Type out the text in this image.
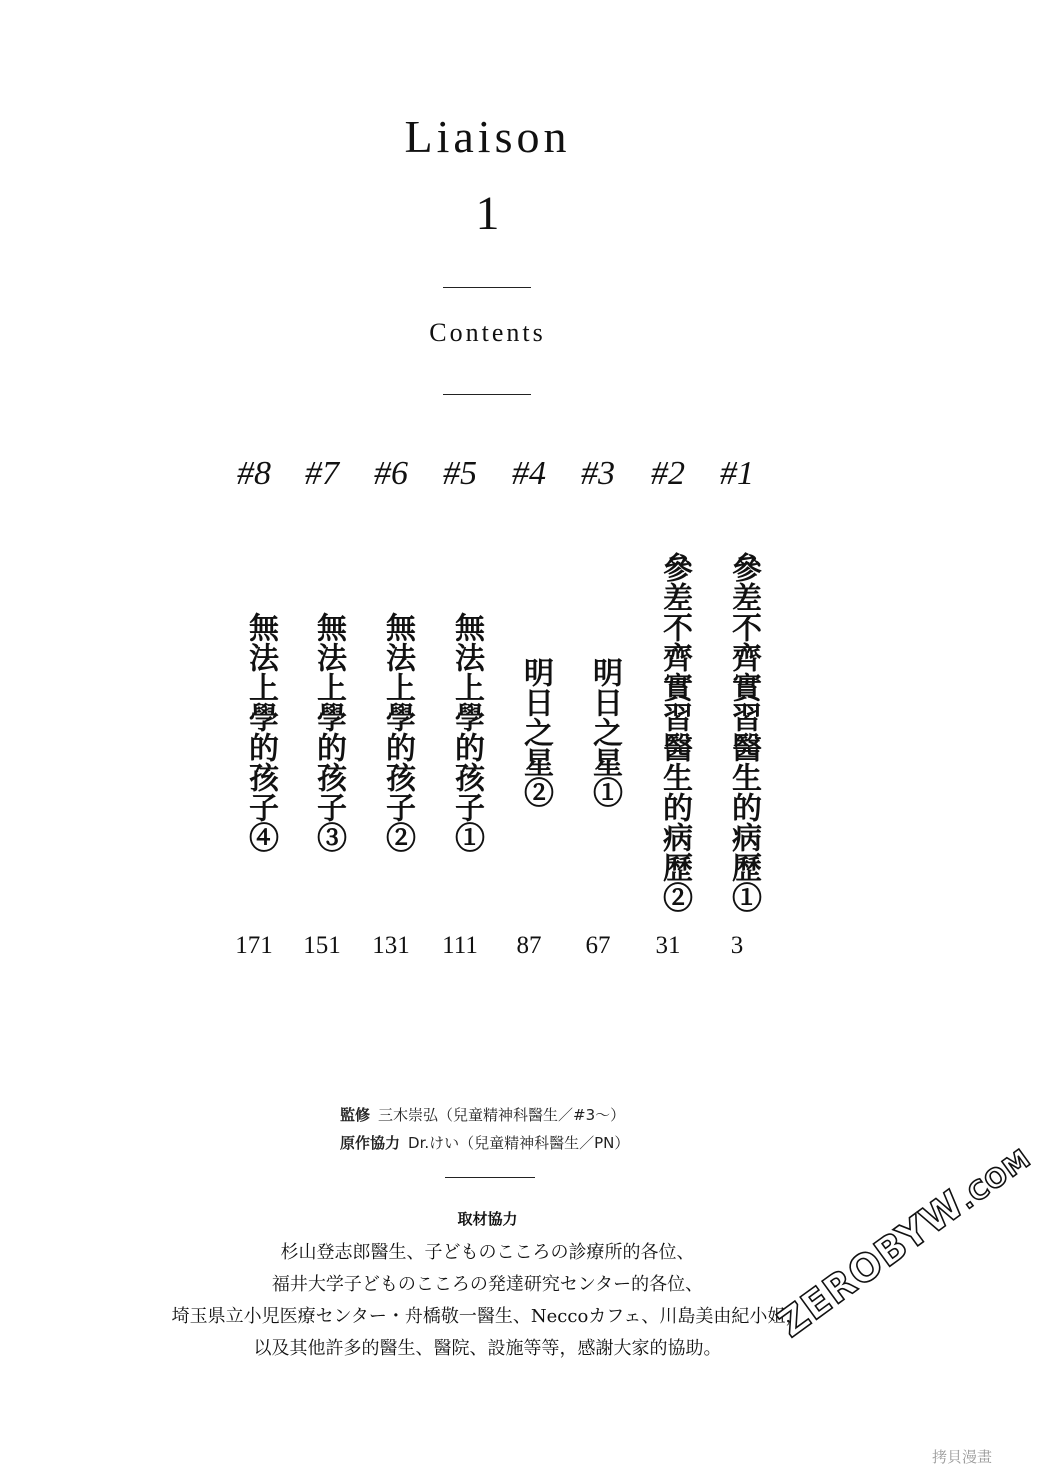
Liaison
1
Contents
#1
參差不齊實習醫生的病歷①
3
#2
參差不齊實習醫生的病歷②
31
#3
明日之星①
67
#4
明日之星②
87
#5
無法上學的孩子①
111
#6
無法上學的孩子②
131
#7
無法上學的孩子③
151
#8
無法上學的孩子④
171
監修 三木崇弘（兒童精神科醫生／#3〜）
原作協力 Dr.けい（兒童精神科醫生／PN）
取材協力
杉山登志郎醫生、子どものこころの診療所的各位、
福井大学子どものこころの発達研究センター的各位、
埼玉県立小児医療センター・舟橋敬一醫生、Neccoカフェ、川島美由紀小姐，
以及其他許多的醫生、醫院、設施等等，感謝大家的協助。
ZEROBYW.COM
拷貝漫畫
